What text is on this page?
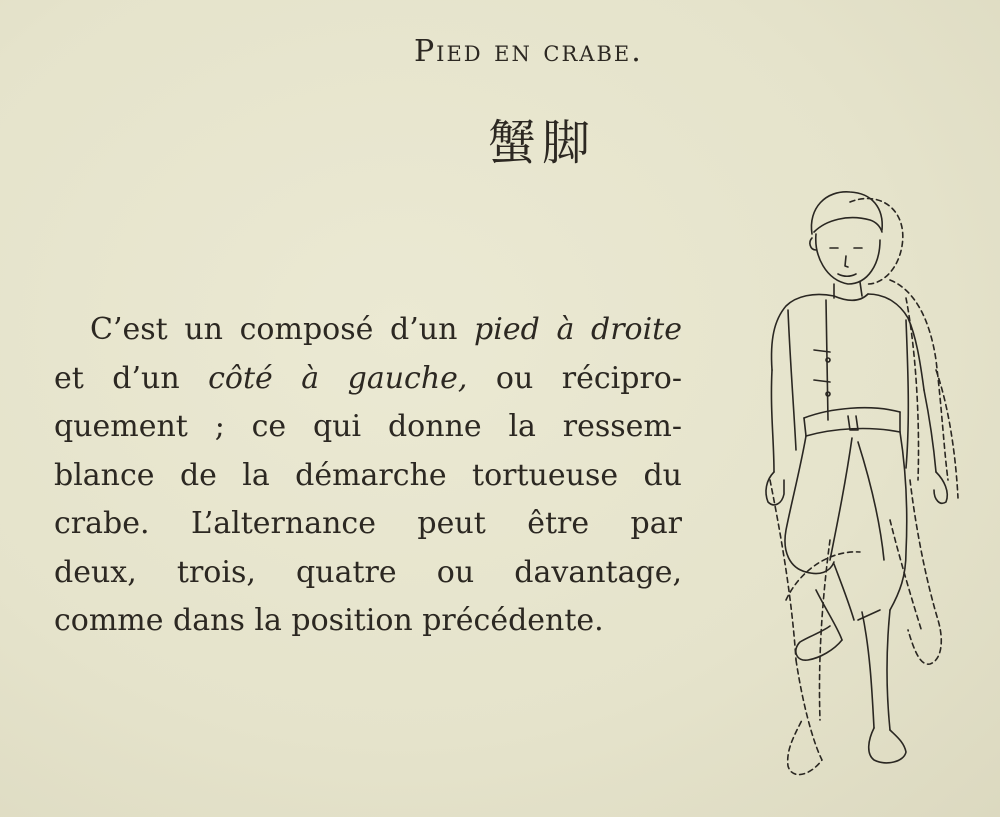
Pied en crabe.
蟹脚
C’est un composé d’un pied à droite
et d’un côté à gauche, ou récipro-
quement ; ce qui donne la ressem-
blance de la démarche tortueuse du
crabe. L’alternance peut être par
deux, trois, quatre ou davantage,
comme dans la position précédente.
